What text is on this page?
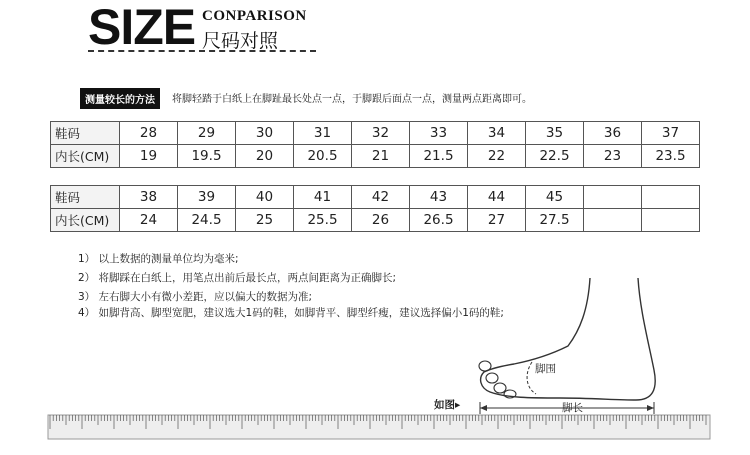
SIZE CONPARISON
尺码对照
测量较长的方法	将脚轻踏于白纸上在脚趾最长处点一点，于脚跟后面点一点，测量两点距离即可。
鞋码	28	29	30	31	32	33	34	35	36	37
内长(CM)	19	19.5	20	20.5	21	21.5	22	22.5	23	23.5
鞋码	38	39	40	41	42	43	44	45		
内长(CM)	24	24.5	25	25.5	26	26.5	27	27.5		
1） 以上数据的测量单位均为毫米;
2） 将脚踩在白纸上，用笔点出前后最长点，两点间距离为正确脚长;
3） 左右脚大小有微小差距，应以偏大的数据为准;
4） 如脚背高、脚型宽肥，建议选大1码的鞋，如脚背平、脚型纤瘦，建议选择偏小1码的鞋;
脚围
脚长
如图▸
